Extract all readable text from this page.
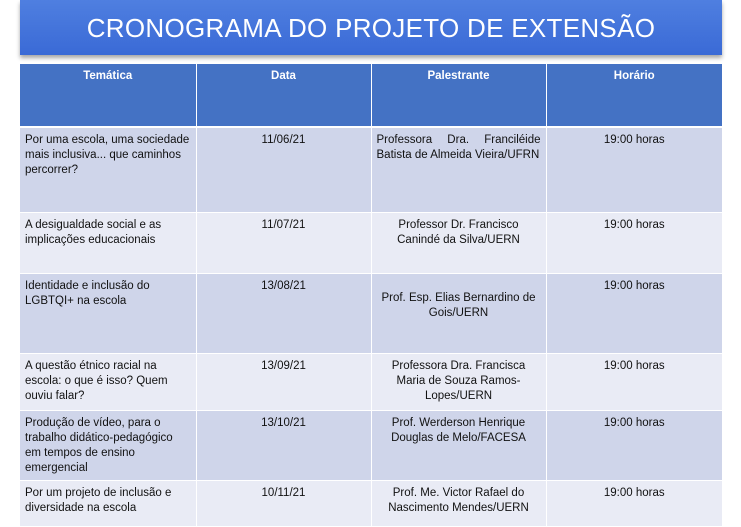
CRONOGRAMA DO PROJETO DE EXTENSÃO
Temática	Data	Palestrante	Horário
Por uma escola, uma sociedade mais inclusiva... que caminhos percorrer?	11/06/21	Professora Dra. Franciléide Batista de Almeida Vieira/UFRN	19:00 horas
A desigualdade social e as implicações educacionais	11/07/21	Professor Dr. Francisco Canindé da Silva/UERN	19:00 horas
Identidade e inclusão do LGBTQI+ na escola	13/08/21	Prof. Esp. Elias Bernardino de Gois/UERN	19:00 horas
A questão étnico racial na escola: o que é isso? Quem ouviu falar?	13/09/21	Professora Dra. Francisca Maria de Souza Ramos-Lopes/UERN	19:00 horas
Produção de vídeo, para o trabalho didático-pedagógico em tempos de ensino emergencial	13/10/21	Prof. Werderson Henrique Douglas de Melo/FACESA	19:00 horas
Por um projeto de inclusão e diversidade na escola	10/11/21	Prof. Me. Victor Rafael do Nascimento Mendes/UERN	19:00 horas
